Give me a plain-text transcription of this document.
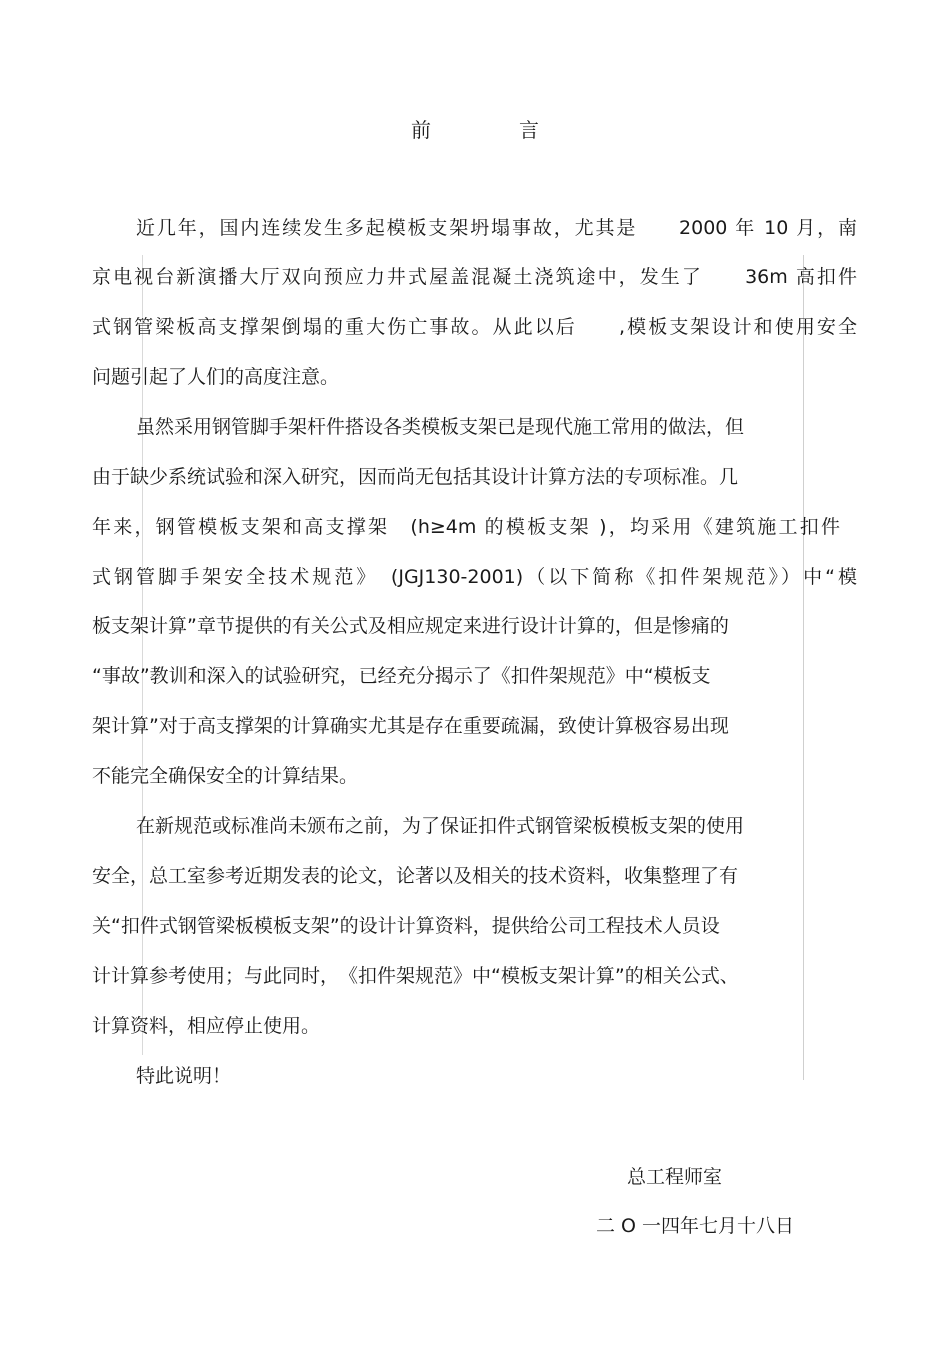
前　言
近几年，国内连续发生多起模板支架坍塌事故，尤其是　　2000 年 10 月，南
京电视台新演播大厅双向预应力井式屋盖混凝土浇筑途中，发生了　　36m 高扣件
式钢管梁板高支撑架倒塌的重大伤亡事故。从此以后　　,模板支架设计和使用安全
问题引起了人们的高度注意。
虽然采用钢管脚手架杆件搭设各类模板支架已是现代施工常用的做法，但
由于缺少系统试验和深入研究，因而尚无包括其设计计算方法的专项标准。几
年来，钢管模板支架和高支撑架　(h≥4m 的模板支架 )，均采用《建筑施工扣件
式钢管脚手架安全技术规范》　(JGJ130-2001)（以下简称《扣件架规范》）中“模
板支架计算”章节提供的有关公式及相应规定来进行设计计算的，但是惨痛的
“事故”教训和深入的试验研究，已经充分揭示了《扣件架规范》中“模板支
架计算”对于高支撑架的计算确实尤其是存在重要疏漏，致使计算极容易出现
不能完全确保安全的计算结果。
在新规范或标准尚未颁布之前，为了保证扣件式钢管梁板模板支架的使用
安全，总工室参考近期发表的论文，论著以及相关的技术资料，收集整理了有
关“扣件式钢管梁板模板支架”的设计计算资料，提供给公司工程技术人员设
计计算参考使用；与此同时，　《扣件架规范》中“模板支架计算”的相关公式、
计算资料，相应停止使用。
特此说明！
总工程师室
二 O 一四年七月十八日
